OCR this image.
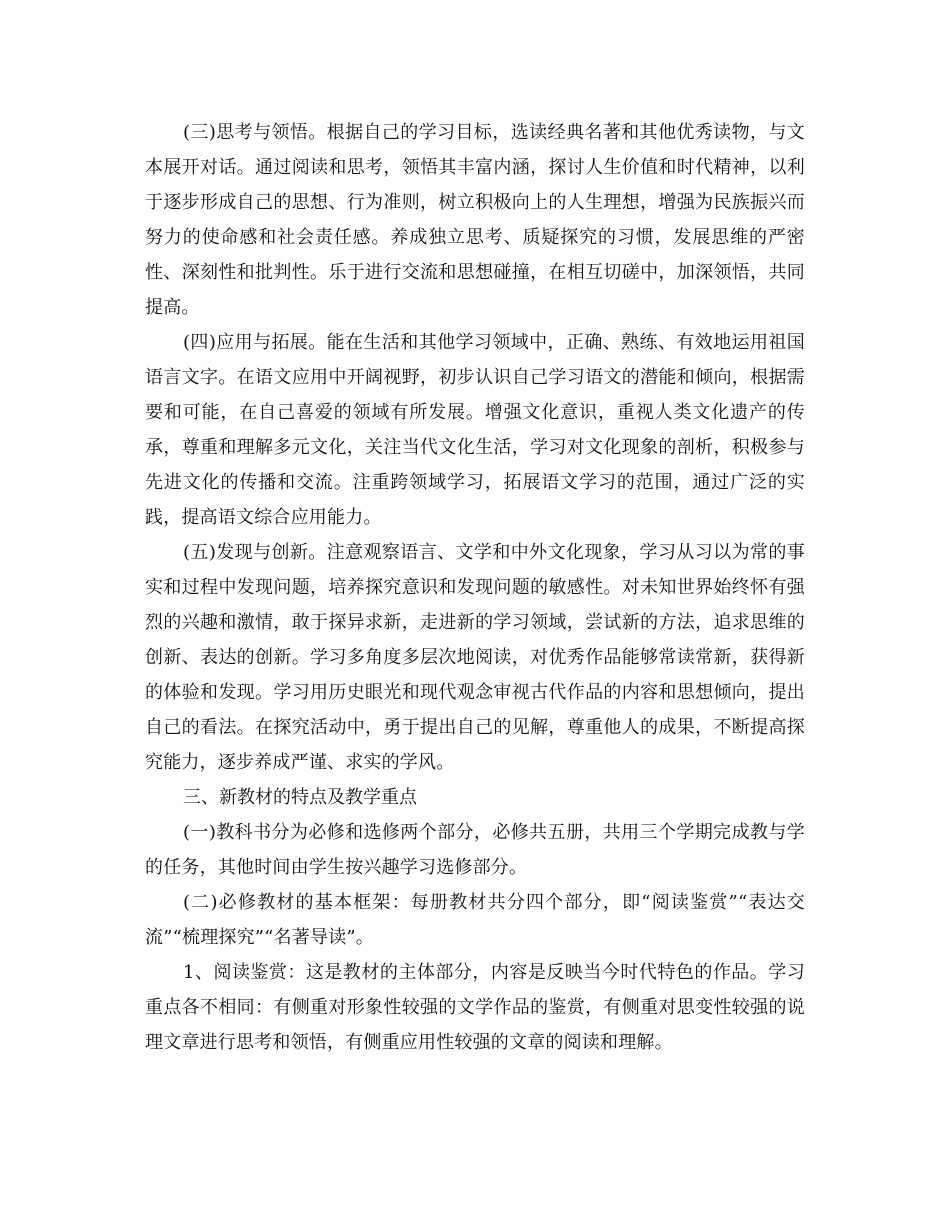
(三)思考与领悟。根据自己的学习目标，选读经典名著和其他优秀读物，与文本展开对话。通过阅读和思考，领悟其丰富内涵，探讨人生价值和时代精神，以利于逐步形成自己的思想、行为准则，树立积极向上的人生理想，增强为民族振兴而努力的使命感和社会责任感。养成独立思考、质疑探究的习惯，发展思维的严密性、深刻性和批判性。乐于进行交流和思想碰撞，在相互切磋中，加深领悟，共同提高。

(四)应用与拓展。能在生活和其他学习领域中，正确、熟练、有效地运用祖国语言文字。在语文应用中开阔视野，初步认识自己学习语文的潜能和倾向，根据需要和可能，在自己喜爱的领域有所发展。增强文化意识，重视人类文化遗产的传承，尊重和理解多元文化，关注当代文化生活，学习对文化现象的剖析，积极参与先进文化的传播和交流。注重跨领域学习，拓展语文学习的范围，通过广泛的实践，提高语文综合应用能力。

(五)发现与创新。注意观察语言、文学和中外文化现象，学习从习以为常的事实和过程中发现问题，培养探究意识和发现问题的敏感性。对未知世界始终怀有强烈的兴趣和激情，敢于探异求新，走进新的学习领域，尝试新的方法，追求思维的创新、表达的创新。学习多角度多层次地阅读，对优秀作品能够常读常新，获得新的体验和发现。学习用历史眼光和现代观念审视古代作品的内容和思想倾向，提出自己的看法。在探究活动中，勇于提出自己的见解，尊重他人的成果，不断提高探究能力，逐步养成严谨、求实的学风。

三、新教材的特点及教学重点

(一)教科书分为必修和选修两个部分，必修共五册，共用三个学期完成教与学的任务，其他时间由学生按兴趣学习选修部分。

(二)必修教材的基本框架：每册教材共分四个部分，即“阅读鉴赏”“表达交流”“梳理探究”“名著导读”。

1、阅读鉴赏：这是教材的主体部分，内容是反映当今时代特色的作品。学习重点各不相同：有侧重对形象性较强的文学作品的鉴赏，有侧重对思变性较强的说理文章进行思考和领悟，有侧重应用性较强的文章的阅读和理解。
